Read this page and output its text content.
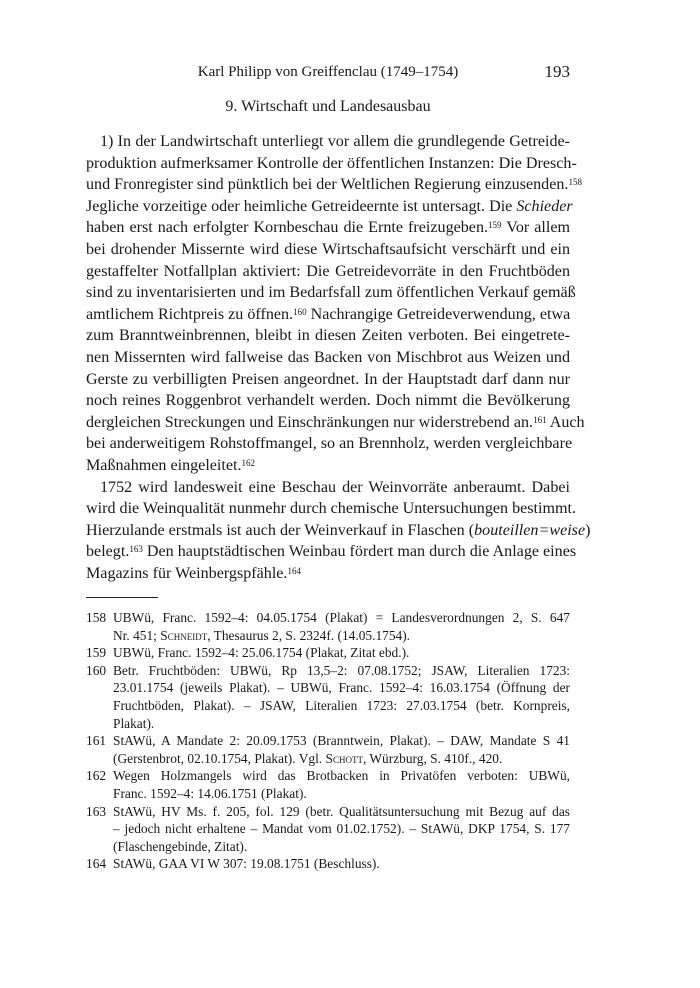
Karl Philipp von Greiffenclau (1749–1754)	193
9. Wirtschaft und Landesausbau
1) In der Landwirtschaft unterliegt vor allem die grundlegende Getreide-
produktion aufmerksamer Kontrolle der öffentlichen Instanzen: Die Dresch-
und Fronregister sind pünktlich bei der Weltlichen Regierung einzusenden.$^{158}$
Jegliche vorzeitige oder heimliche Getreideernte ist untersagt. Die Schieder
haben erst nach erfolgter Kornbeschau die Ernte freizugeben.$^{159}$ Vor allem
bei drohender Missernte wird diese Wirtschaftsaufsicht verschärft und ein
gestaffelter Notfallplan aktiviert: Die Getreidevorräte in den Fruchtböden
sind zu inventarisierten und im Bedarfsfall zum öffentlichen Verkauf gemäß
amtlichem Richtpreis zu öffnen.$^{160}$ Nachrangige Getreideverwendung, etwa
zum Branntweinbrennen, bleibt in diesen Zeiten verboten. Bei eingetrete-
nen Missernten wird fallweise das Backen von Mischbrot aus Weizen und
Gerste zu verbilligten Preisen angeordnet. In der Hauptstadt darf dann nur
noch reines Roggenbrot verhandelt werden. Doch nimmt die Bevölkerung
dergleichen Streckungen und Einschränkungen nur widerstrebend an.$^{161}$ Auch
bei anderweitigem Rohstoffmangel, so an Brennholz, werden vergleichbare
Maßnahmen eingeleitet.$^{162}$
1752 wird landesweit eine Beschau der Weinvorräte anberaumt. Dabei
wird die Weinqualität nunmehr durch chemische Untersuchungen bestimmt.
Hierzulande erstmals ist auch der Weinverkauf in Flaschen (bouteillen=weise)
belegt.$^{163}$ Den hauptstädtischen Weinbau fördert man durch die Anlage eines
Magazins für Weinbergspfähle.$^{164}$
158 UBWü, Franc. 1592–4: 04.05.1754 (Plakat) = Landesverordnungen 2, S. 647
Nr. 451; Schneidt, Thesaurus 2, S. 2324f. (14.05.1754).
159 UBWü, Franc. 1592–4: 25.06.1754 (Plakat, Zitat ebd.).
160 Betr. Fruchtböden: UBWü, Rp 13,5–2: 07.08.1752; JSAW, Literalien 1723:
23.01.1754 (jeweils Plakat). – UBWü, Franc. 1592–4: 16.03.1754 (Öffnung der
Fruchtböden, Plakat). – JSAW, Literalien 1723: 27.03.1754 (betr. Kornpreis,
Plakat).
161 StAWü, A Mandate 2: 20.09.1753 (Branntwein, Plakat). – DAW, Mandate S 41
(Gerstenbrot, 02.10.1754, Plakat). Vgl. Schott, Würzburg, S. 410f., 420.
162 Wegen Holzmangels wird das Brotbacken in Privatöfen verboten: UBWü,
Franc. 1592–4: 14.06.1751 (Plakat).
163 StAWü, HV Ms. f. 205, fol. 129 (betr. Qualitätsuntersuchung mit Bezug auf das
– jedoch nicht erhaltene – Mandat vom 01.02.1752). – StAWü, DKP 1754, S. 177
(Flaschengebinde, Zitat).
164 StAWü, GAA VI W 307: 19.08.1751 (Beschluss).
